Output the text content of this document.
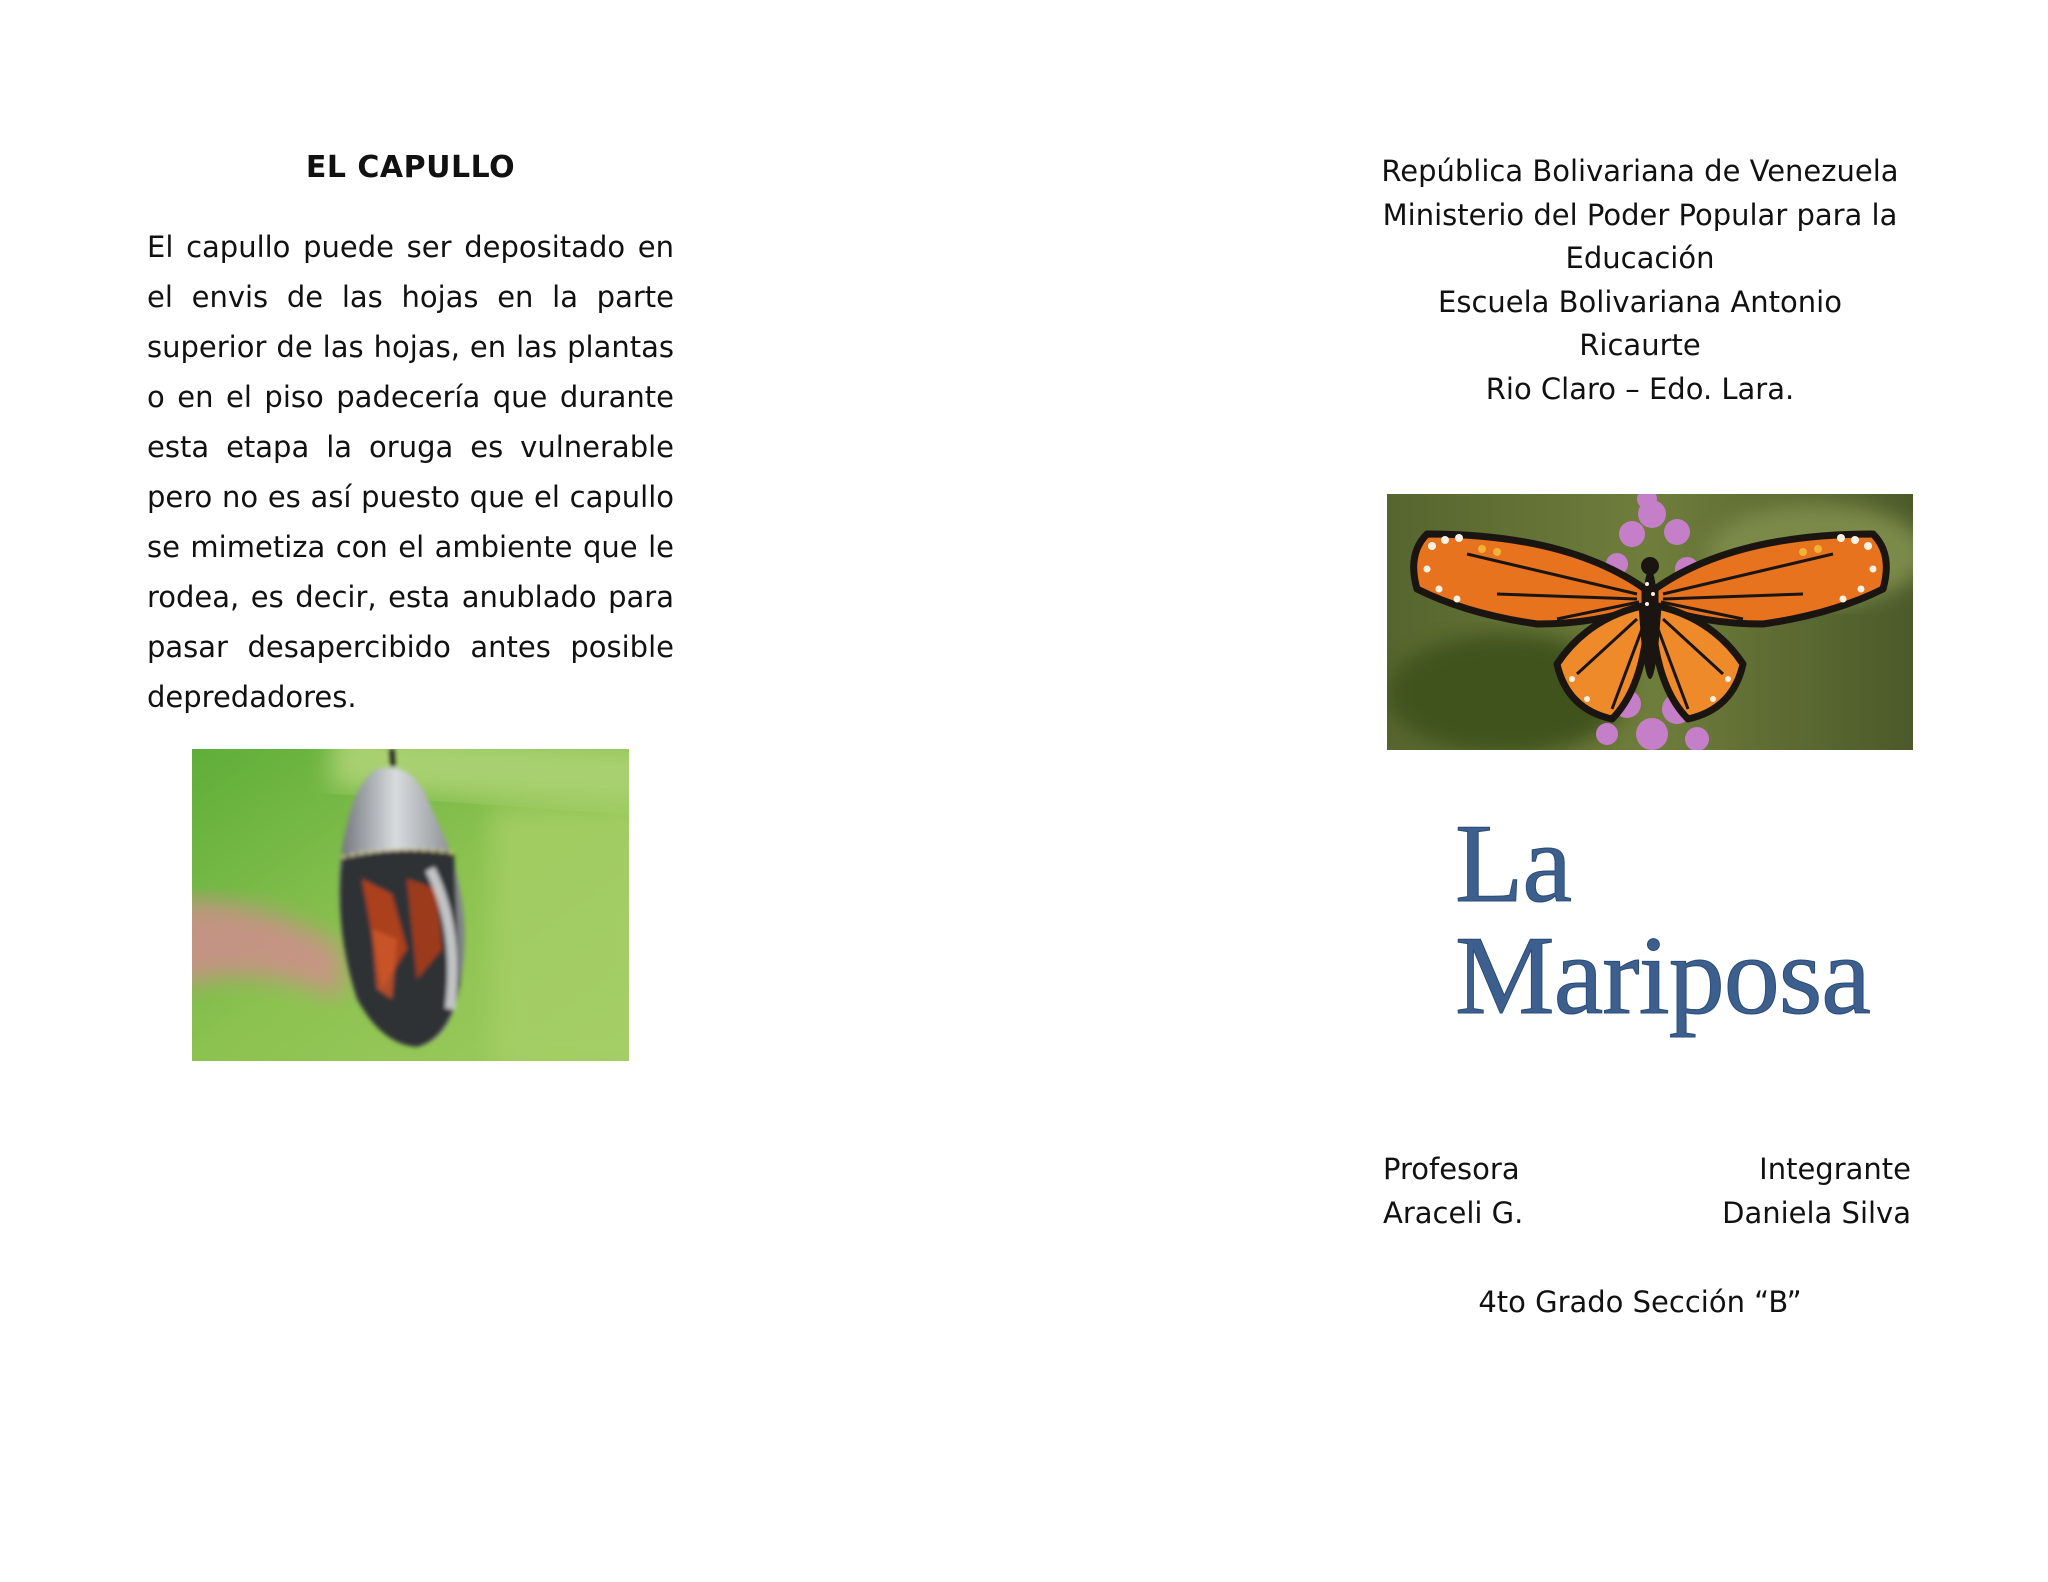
EL CAPULLO
El capullo puede ser depositado en el envis de las hojas en la parte superior de las hojas, en las plantas o en el piso padecería que durante esta etapa la oruga es vulnerable pero no es así puesto que el capullo se mimetiza con el ambiente que le rodea, es decir, esta anublado para pasar desapercibido antes posible depredadores.
República Bolivariana de Venezuela
Ministerio del Poder Popular para la
Educación
Escuela Bolivariana Antonio
Ricaurte
Rio Claro – Edo. Lara.
La
Mariposa
Profesora
Araceli G.
Integrante
Daniela Silva
4to Grado Sección “B”
